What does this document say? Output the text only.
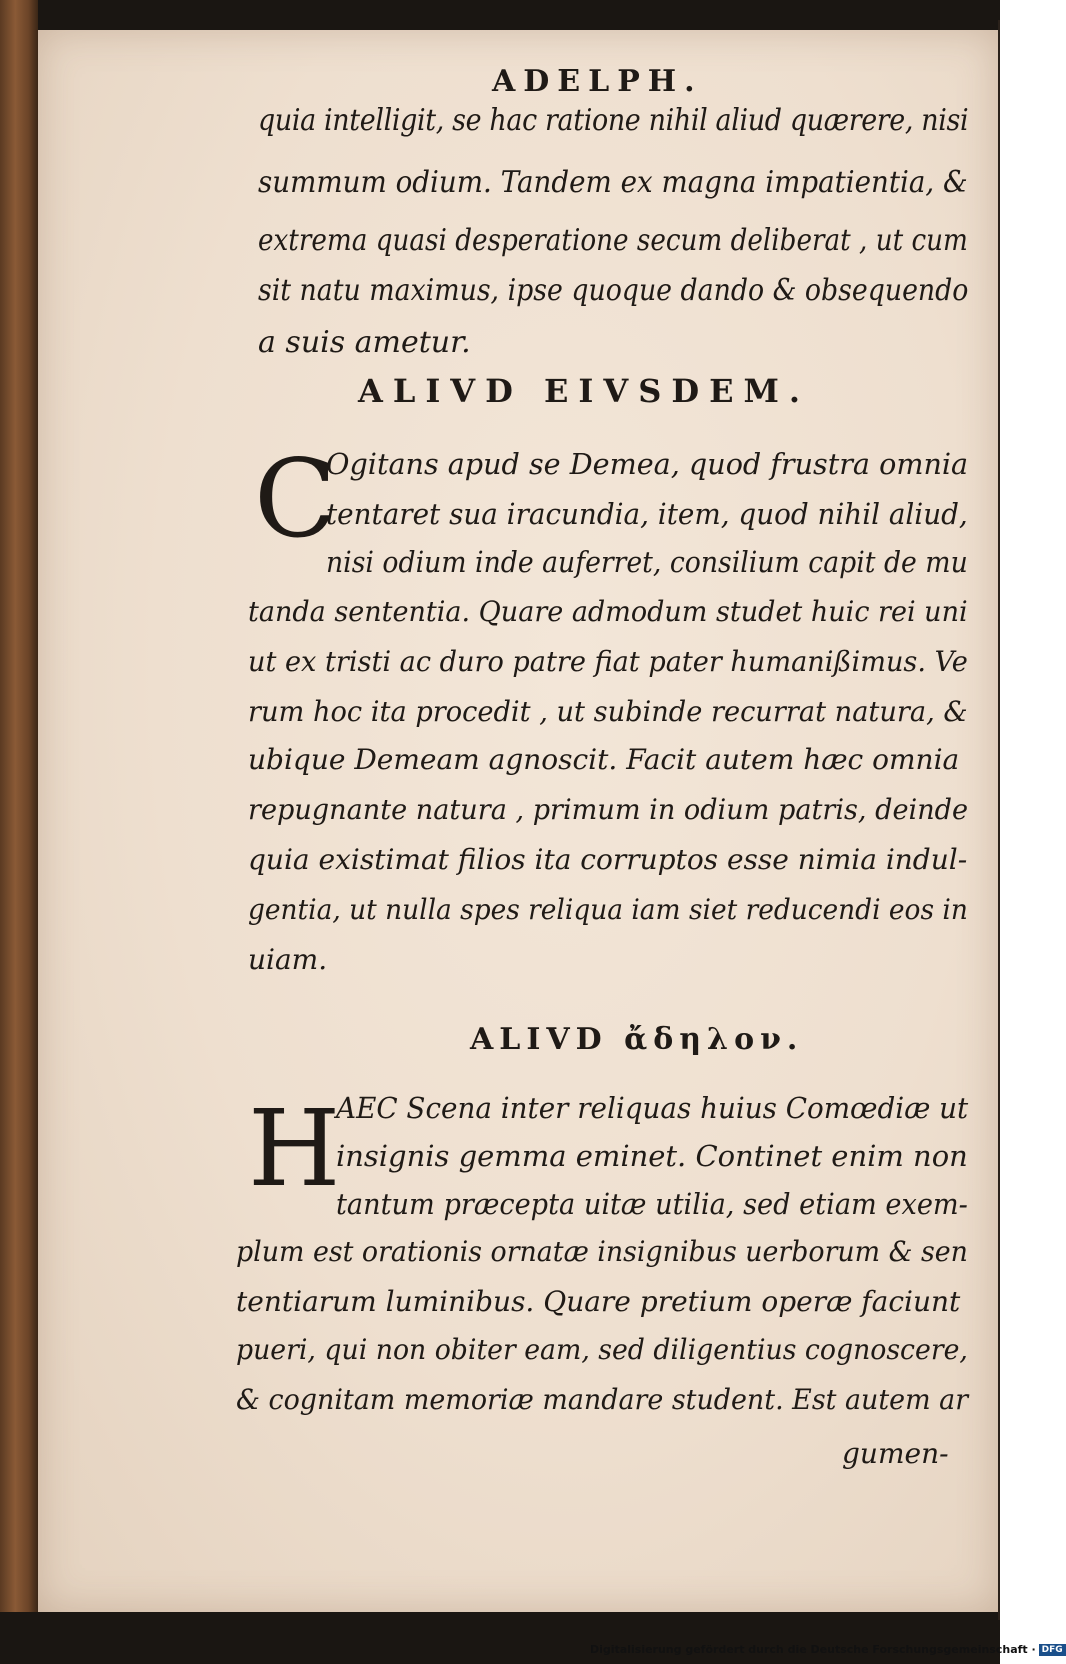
ADELPH.
quia intelligit, se hac ratione nihil aliud quærere, nisi
summum odium. Tandem ex magna impatientia, &
extrema quasi desperatione secum deliberat , ut cum
sit natu maximus, ipse quoque dando & obsequendo
a suis ametur.
ALIVD EIVSDEM.
C
Ogitans apud se Demea, quod frustra omnia
tentaret sua iracundia, item, quod nihil aliud,
nisi odium inde auferret, consilium capit de mu
tanda sententia. Quare admodum studet huic rei uni
ut ex tristi ac duro patre fiat pater humanißimus. Ve
rum hoc ita procedit , ut subinde recurrat natura, &
ubique Demeam agnoscit. Facit autem hæc omnia
repugnante natura , primum in odium patris, deinde
quia existimat filios ita corruptos esse nimia indul-
gentia, ut nulla spes reliqua iam siet reducendi eos in
uiam.
ALIVD ἄδηλον.
H
AEC Scena inter reliquas huius Comœdiæ ut
insignis gemma eminet. Continet enim non
tantum præcepta uitæ utilia, sed etiam exem-
plum est orationis ornatæ insignibus uerborum & sen
tentiarum luminibus. Quare pretium operæ faciunt
pueri, qui non obiter eam, sed diligentius cognoscere,
& cognitam memoriæ mandare student. Est autem ar
gumen-
Digitalisierung gefördert durch die Deutsche Forschungsgemeinschaft · DFG
